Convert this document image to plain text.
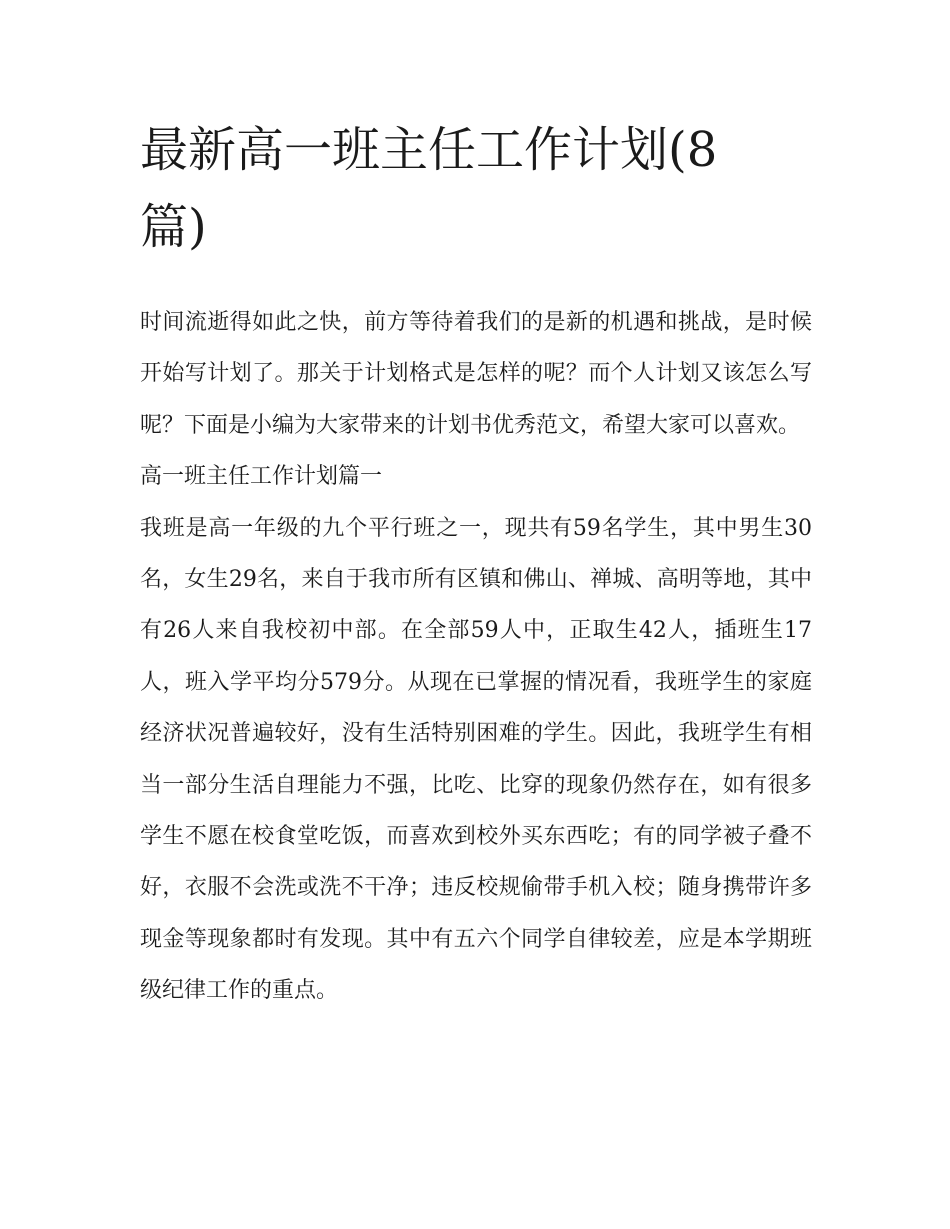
最新高一班主任工作计划(8篇)

时间流逝得如此之快，前方等待着我们的是新的机遇和挑战，是时候开始写计划了。那关于计划格式是怎样的呢？而个人计划又该怎么写呢？下面是小编为大家带来的计划书优秀范文，希望大家可以喜欢。

高一班主任工作计划篇一

我班是高一年级的九个平行班之一，现共有59名学生，其中男生30名，女生29名，来自于我市所有区镇和佛山、禅城、高明等地，其中有26人来自我校初中部。在全部59人中，正取生42人，插班生17人，班入学平均分579分。从现在已掌握的情况看，我班学生的家庭经济状况普遍较好，没有生活特别困难的学生。因此，我班学生有相当一部分生活自理能力不强，比吃、比穿的现象仍然存在，如有很多学生不愿在校食堂吃饭，而喜欢到校外买东西吃；有的同学被子叠不好，衣服不会洗或洗不干净；违反校规偷带手机入校；随身携带许多现金等现象都时有发现。其中有五六个同学自律较差，应是本学期班级纪律工作的重点。
